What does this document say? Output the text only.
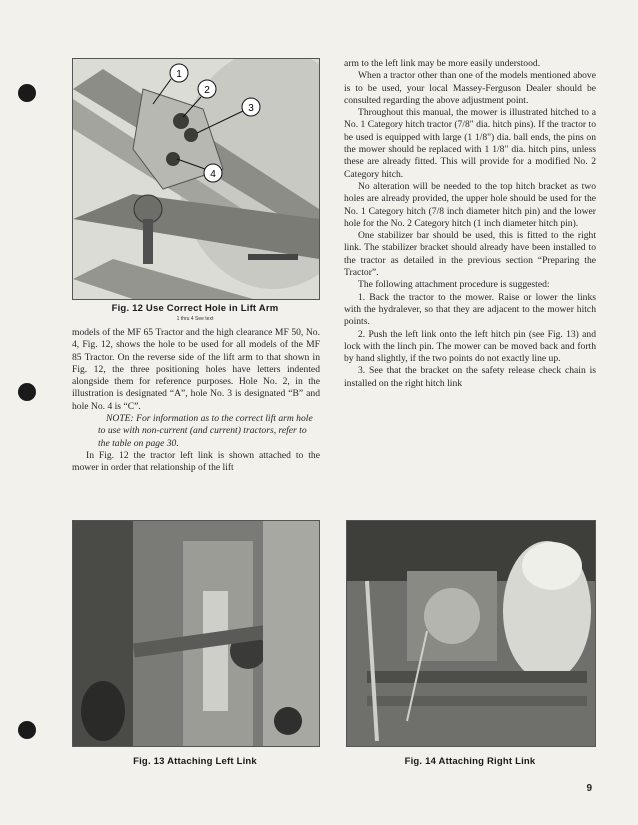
1
2
3
4
Fig. 12 Use Correct Hole in Lift Arm
1 thru 4 See text

models of the MF 65 Tractor and the high clearance MF 50, No. 4, Fig. 12, shows the hole to be used for all models of the MF 85 Tractor. On the reverse side of the lift arm to that shown in Fig. 12, the three positioning holes have letters indented alongside them for reference purposes. Hole No. 2, in the illustration is designated “A”, hole No. 3 is designated “B” and hole No. 4 is “C”.

NOTE: For information as to the correct lift arm hole to use with non-current (and current) tractors, refer to the table on page 30.

In Fig. 12 the tractor left link is shown attached to the mower in order that relationship of the lift

arm to the left link may be more easily understood.

When a tractor other than one of the models mentioned above is to be used, your local Massey-Ferguson Dealer should be consulted regarding the above adjustment point.

Throughout this manual, the mower is illustrated hitched to a No. 1 Category hitch tractor (7/8" dia. hitch pins). If the tractor to be used is equipped with large (1 1/8") dia. ball ends, the pins on the mower should be replaced with 1 1/8" dia. hitch pins, unless these are already fitted. This will provide for a modified No. 2 Category hitch.

No alteration will be needed to the top hitch bracket as two holes are already provided, the upper hole should be used for the No. 1 Category hitch (7/8 inch diameter hitch pin) and the lower hole for the No. 2 Category hitch (1 inch diameter hitch pin).

One stabilizer bar should be used, this is fitted to the right link. The stabilizer bracket should already have been installed to the tractor as detailed in the previous section “Preparing the Tractor”.

The following attachment procedure is suggested:

1. Back the tractor to the mower. Raise or lower the links with the hydralever, so that they are adjacent to the mower hitch points.

2. Push the left link onto the left hitch pin (see Fig. 13) and lock with the linch pin. The mower can be moved back and forth by hand slightly, if the two points do not exactly line up.

3. See that the bracket on the safety release check chain is installed on the right hitch link

Fig. 13 Attaching Left Link	Fig. 14 Attaching Right Link
9
